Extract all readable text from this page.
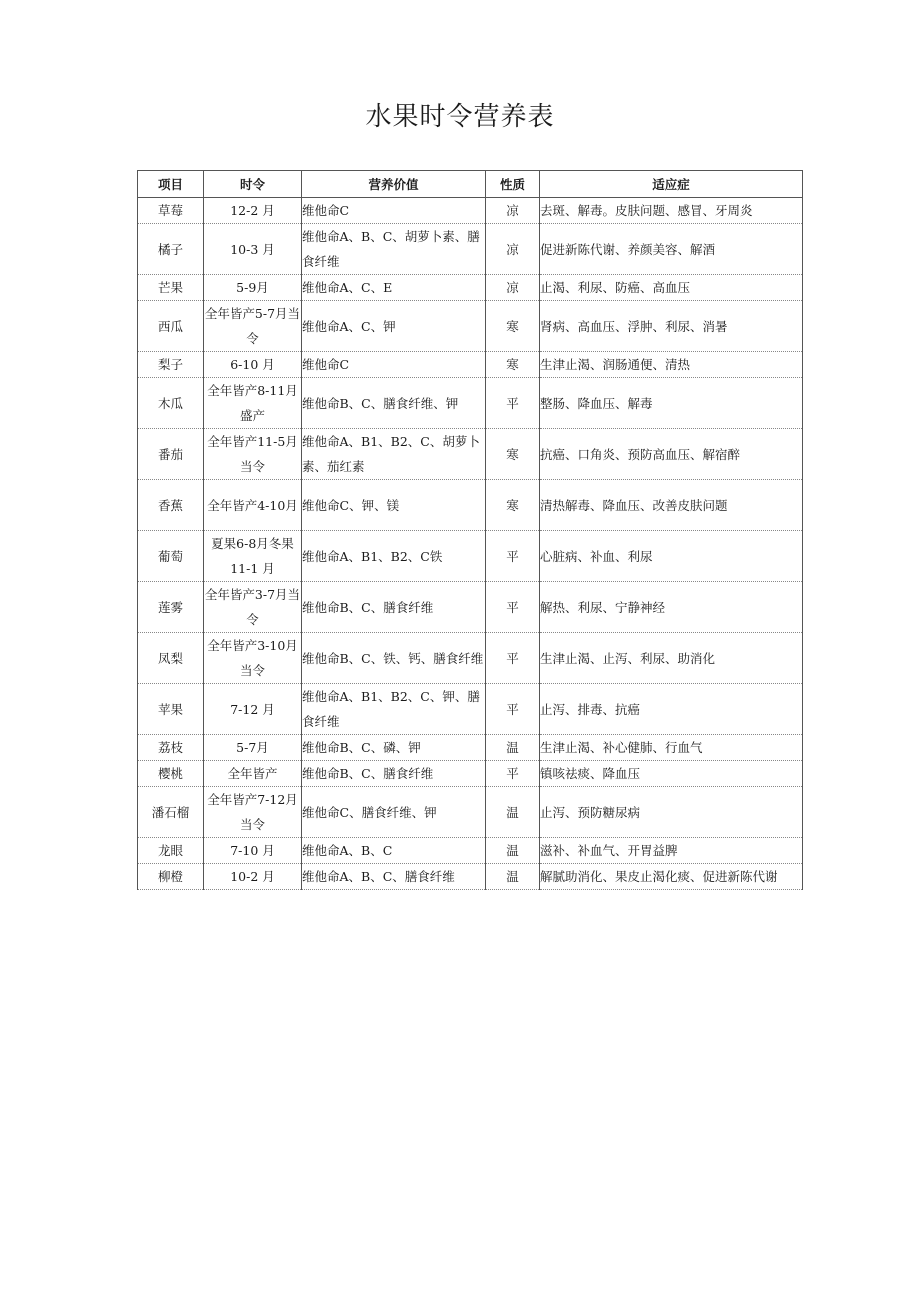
水果时令营养表
项目	时令	营养价值	性质	适应症
草莓	12-2 月	维他命C	凉	去斑、解毒。皮肤问题、感冒、牙周炎
橘子	10-3 月	维他命A、B、C、胡萝卜素、膳食纤维	凉	促进新陈代谢、养颜美容、解酒
芒果	5-9月	维他命A、C、E	凉	止渴、利尿、防癌、高血压
西瓜	全年皆产5-7月当令	维他命A、C、钾	寒	肾病、高血压、浮肿、利尿、消暑
梨子	6-10 月	维他命C	寒	生津止渴、润肠通便、清热
木瓜	全年皆产8-11月盛产	维他命B、C、膳食纤维、钾	平	整肠、降血压、解毒
番茄	全年皆产11-5月当令	维他命A、B1、B2、C、胡萝卜素、茄红素	寒	抗癌、口角炎、预防高血压、解宿醉
香蕉	全年皆产4-10月	维他命C、钾、镁	寒	清热解毒、降血压、改善皮肤问题
葡萄	夏果6-8月冬果11-1 月	维他命A、B1、B2、C铁	平	心脏病、补血、利尿
莲雾	全年皆产3-7月当令	维他命B、C、膳食纤维	平	解热、利尿、宁静神经
凤梨	全年皆产3-10月当令	维他命B、C、铁、钙、膳食纤维	平	生津止渴、止泻、利尿、助消化
苹果	7-12 月	维他命A、B1、B2、C、钾、膳食纤维	平	止泻、排毒、抗癌
荔枝	5-7月	维他命B、C、磷、钾	温	生津止渴、补心健肺、行血气
樱桃	全年皆产	维他命B、C、膳食纤维	平	镇咳祛痰、降血压
潘石榴	全年皆产7-12月当令	维他命C、膳食纤维、钾	温	止泻、预防糖尿病
龙眼	7-10 月	维他命A、B、C	温	滋补、补血气、开胃益脾
柳橙	10-2 月	维他命A、B、C、膳食纤维	温	解腻助消化、果皮止渴化痰、促进新陈代谢
